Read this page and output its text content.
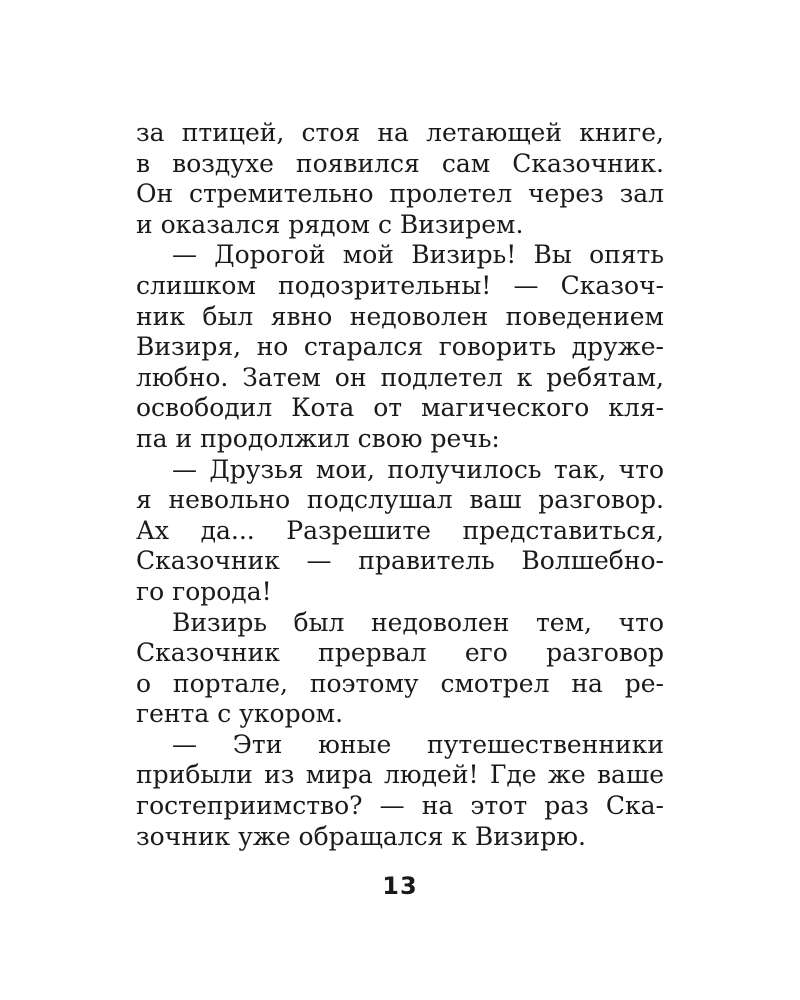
за птицей, стоя на летающей книге,
в воздухе появился сам Сказочник.
Он стремительно пролетел через зал
и оказался рядом с Визирем.
— Дорогой мой Визирь! Вы опять
слишком подозрительны! — Сказоч-
ник был явно недоволен поведением
Визиря, но старался говорить друже-
любно. Затем он подлетел к ребятам,
освободил Кота от магического кля-
па и продолжил свою речь:
— Друзья мои, получилось так, что
я невольно подслушал ваш разговор.
Ах да... Разрешите представиться,
Сказочник — правитель Волшебно-
го города!
Визирь был недоволен тем, что
Сказочник прервал его разговор
о портале, поэтому смотрел на ре-
гента с укором.
— Эти юные путешественники
прибыли из мира людей! Где же ваше
гостеприимство? — на этот раз Ска-
зочник уже обращался к Визирю.
13
